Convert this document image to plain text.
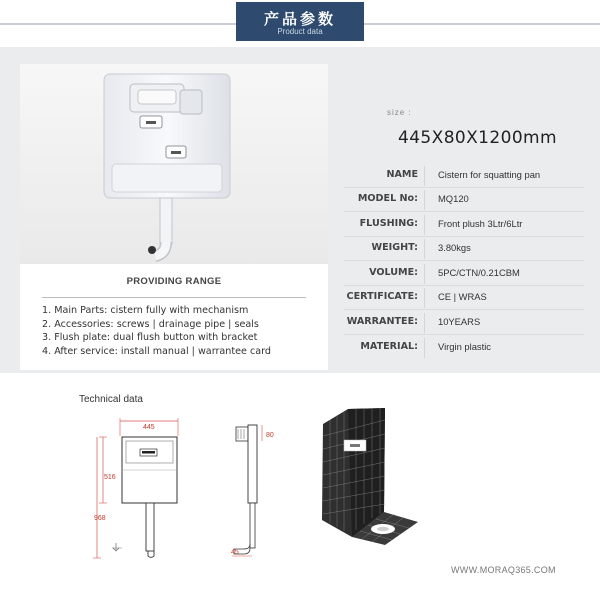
产品参数
Product data
PROVIDING RANGE
1. Main Parts: cistern fully with mechanism
2. Accessories: screws | drainage pipe | seals
3. Flush plate: dual flush button with bracket
4. After service: install manual | warrantee card
size :
445X80X1200mm
NAME Cistern for squatting pan
MODEL No: MQ120
FLUSHING: Front plush 3Ltr/6Ltr
WEIGHT: 3.80kgs
VOLUME: 5PC/CTN/0.21CBM
CERTIFICATE: CE | WRAS
WARRANTEE: 10YEARS
MATERIAL: Virgin plastic
Technical data
445
516
968
80
45
WWW.MORAQ365.COM
